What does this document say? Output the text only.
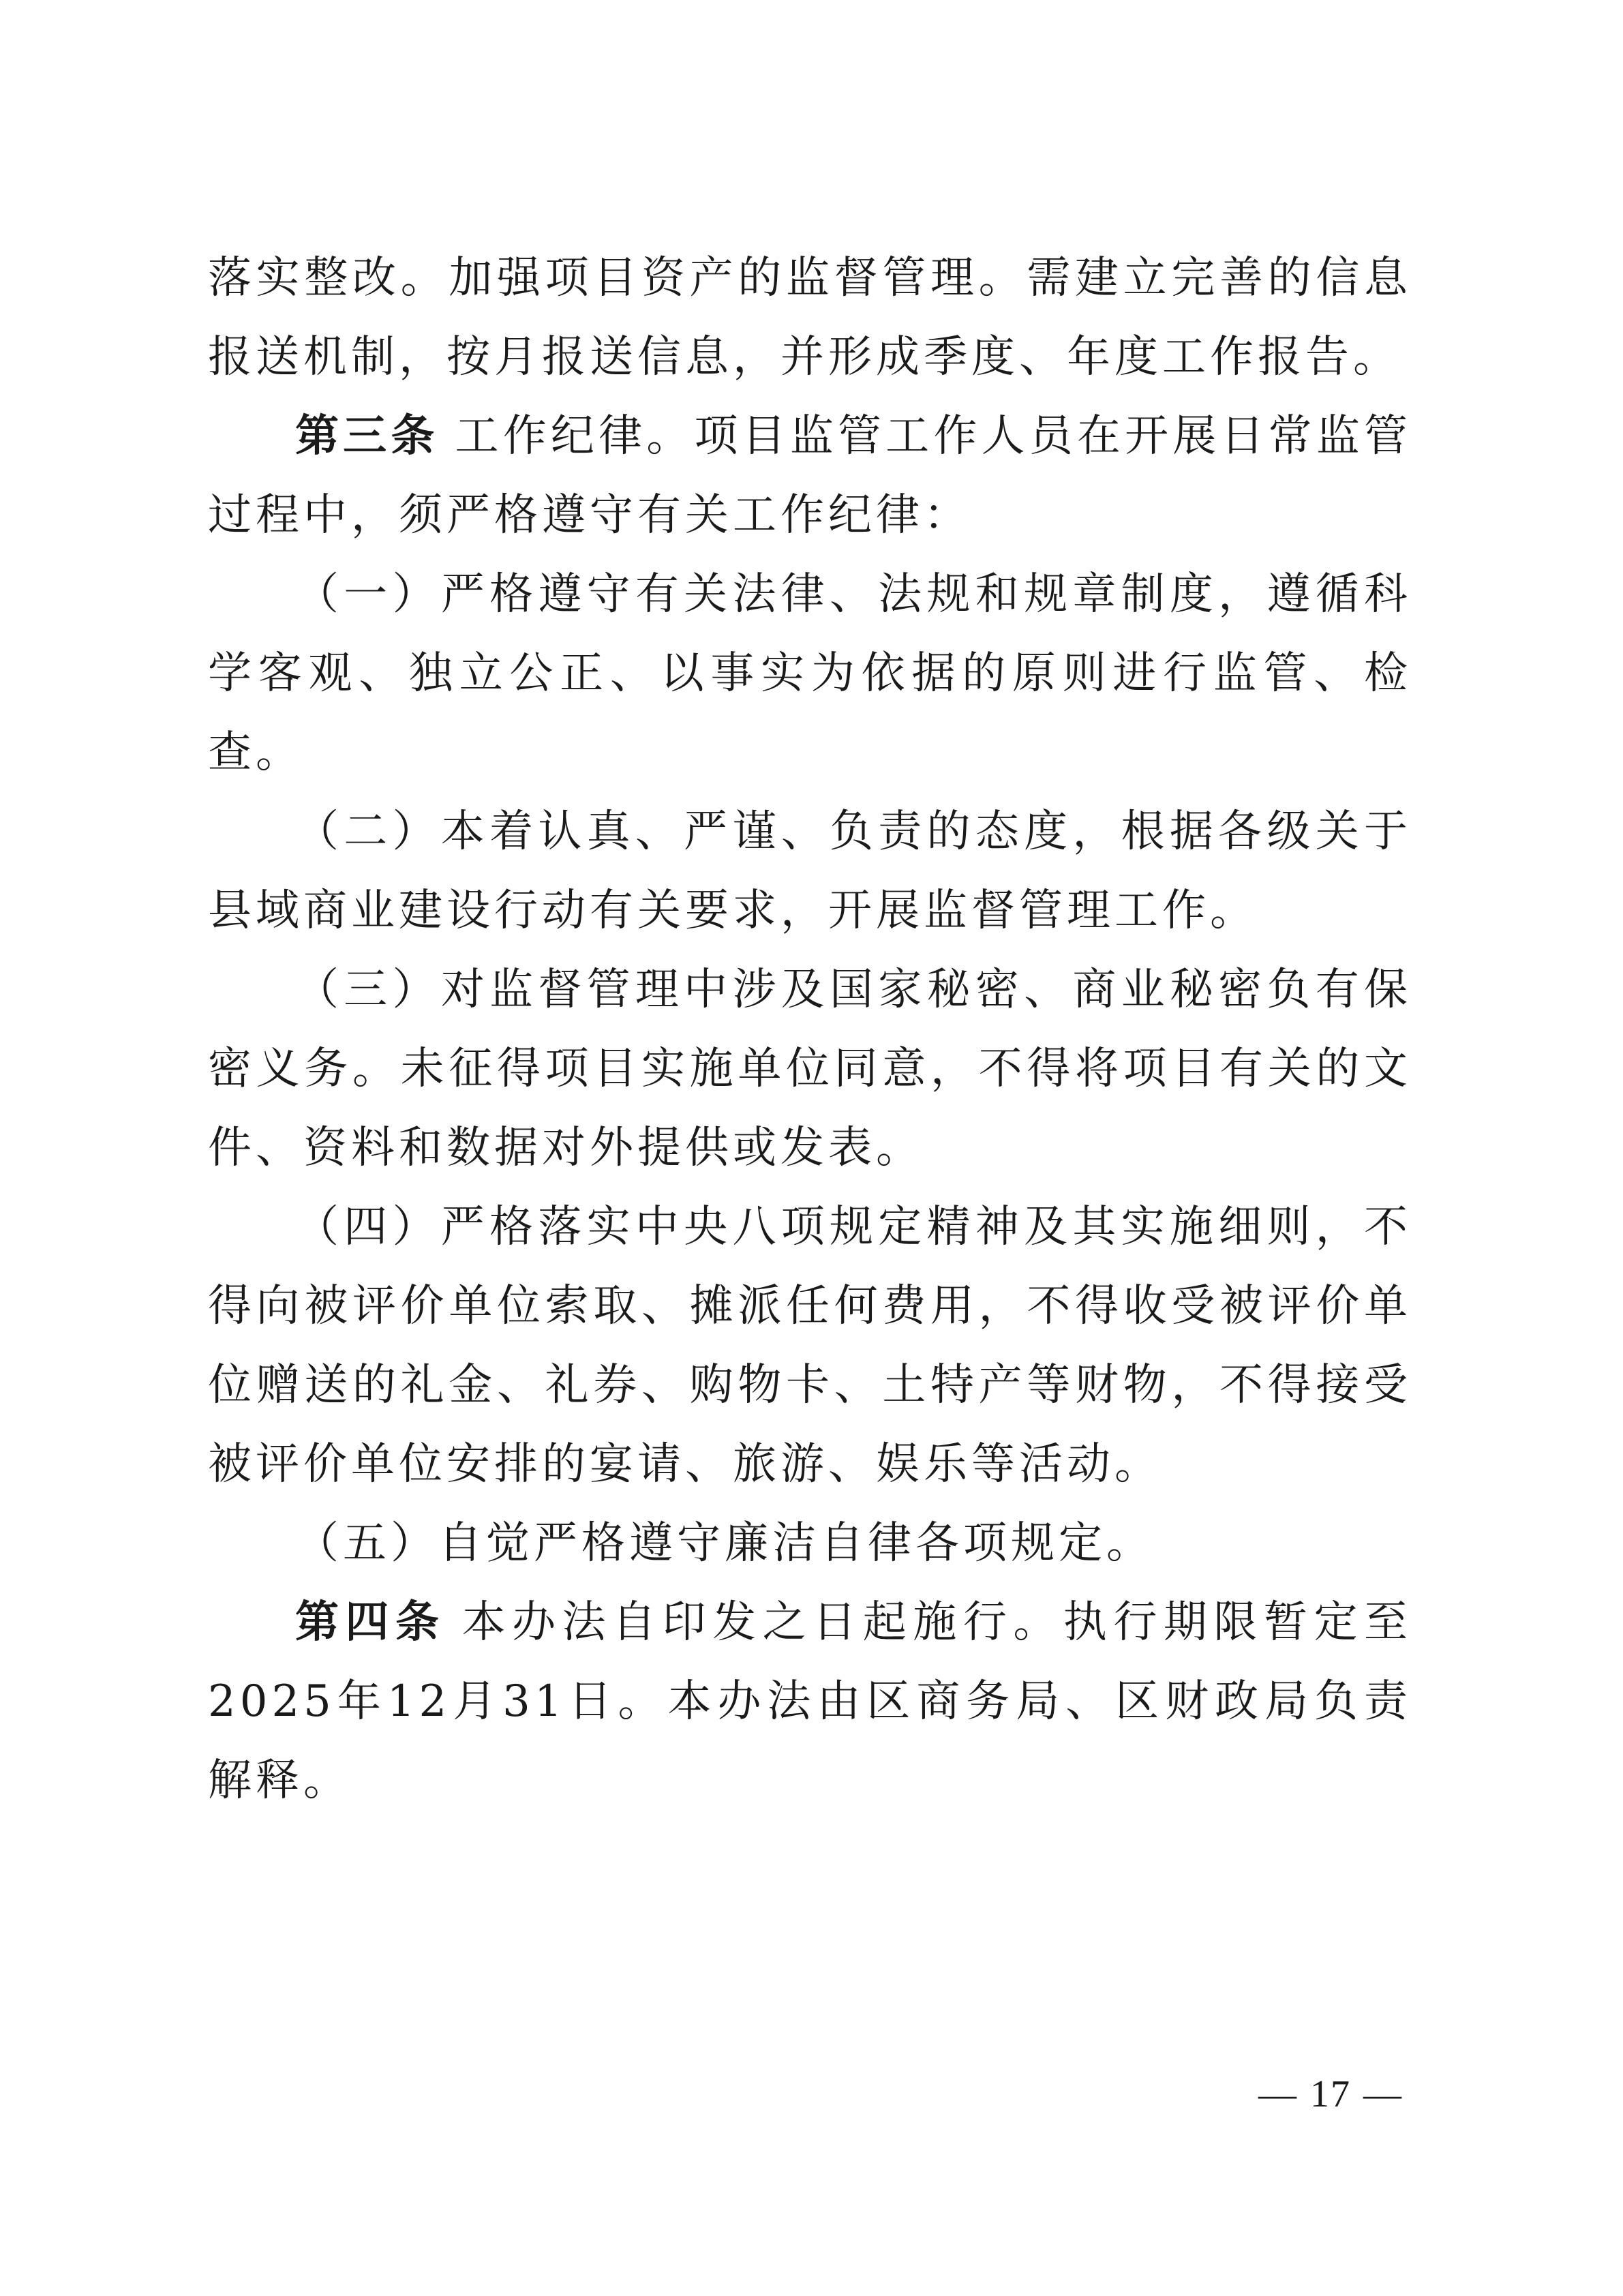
落实整改。加强项目资产的监督管理。需建立完善的信息报送机制，按月报送信息，并形成季度、年度工作报告。

第三条 工作纪律。项目监管工作人员在开展日常监管过程中，须严格遵守有关工作纪律：

（一）严格遵守有关法律、法规和规章制度，遵循科学客观、独立公正、以事实为依据的原则进行监管、检查。

（二）本着认真、严谨、负责的态度，根据各级关于县域商业建设行动有关要求，开展监督管理工作。

（三）对监督管理中涉及国家秘密、商业秘密负有保密义务。未征得项目实施单位同意，不得将项目有关的文件、资料和数据对外提供或发表。

（四）严格落实中央八项规定精神及其实施细则，不得向被评价单位索取、摊派任何费用，不得收受被评价单位赠送的礼金、礼券、购物卡、土特产等财物，不得接受被评价单位安排的宴请、旅游、娱乐等活动。

（五）自觉严格遵守廉洁自律各项规定。

第四条 本办法自印发之日起施行。执行期限暂定至2025年12月31日。本办法由区商务局、区财政局负责解释。

— 17 —
